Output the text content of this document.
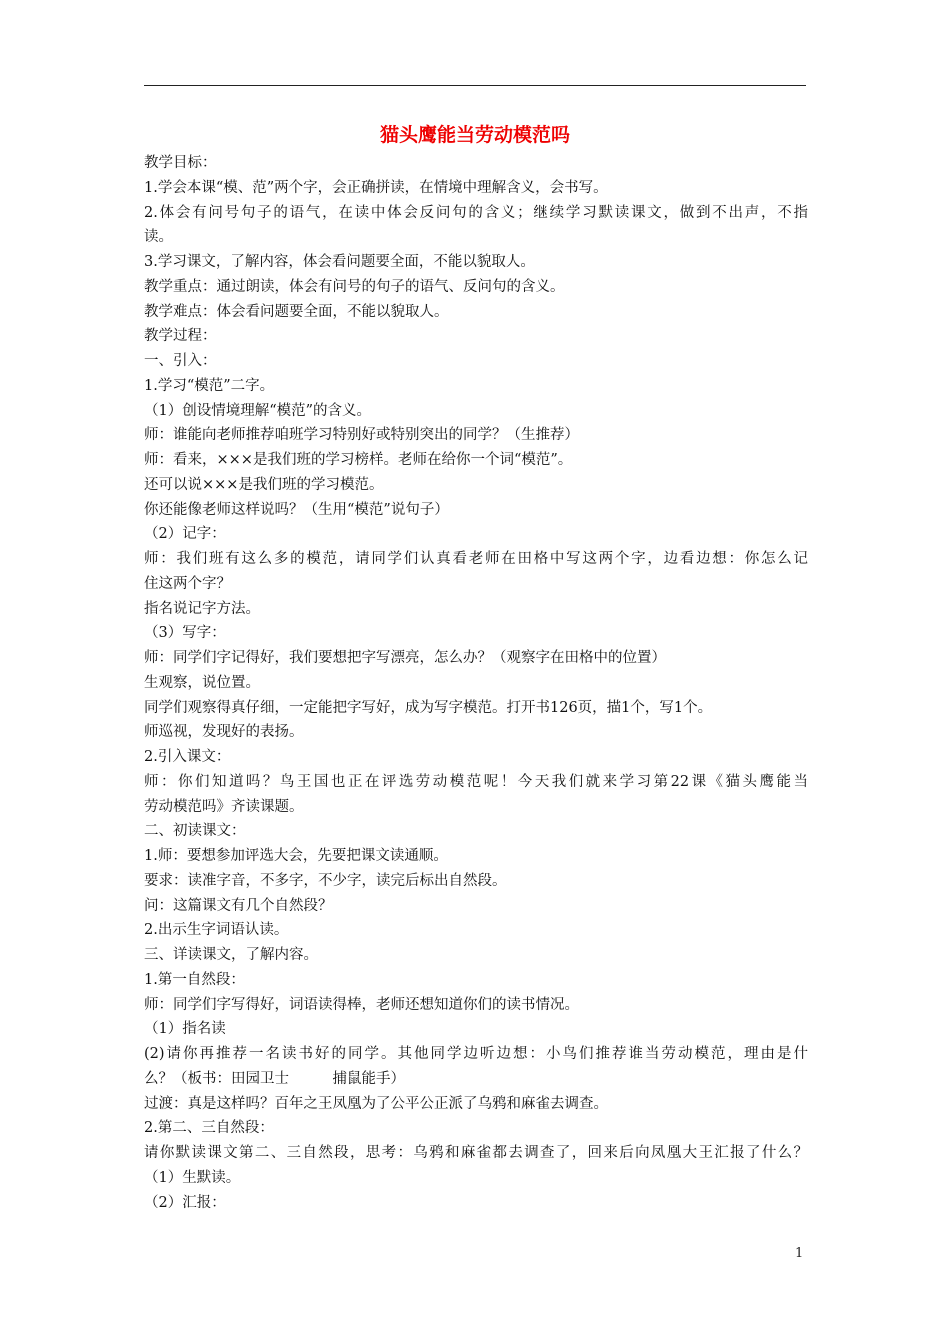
猫头鹰能当劳动模范吗
教学目标：
1.学会本课“模、范”两个字，会正确拼读，在情境中理解含义，会书写。
2.体会有问号句子的语气，在读中体会反问句的含义；继续学习默读课文，做到不出声，不指
读。
3.学习课文，了解内容，体会看问题要全面，不能以貌取人。
教学重点：通过朗读，体会有问号的句子的语气、反问句的含义。
教学难点：体会看问题要全面，不能以貌取人。
教学过程：
一、引入：
1.学习“模范”二字。
（1）创设情境理解“模范”的含义。
师：谁能向老师推荐咱班学习特别好或特别突出的同学？（生推荐）
师：看来，×××是我们班的学习榜样。老师在给你一个词“模范”。
还可以说×××是我们班的学习模范。
你还能像老师这样说吗？（生用“模范”说句子）
（2）记字：
师：我们班有这么多的模范，请同学们认真看老师在田格中写这两个字，边看边想：你怎么记
住这两个字？
指名说记字方法。
（3）写字：
师：同学们字记得好，我们要想把字写漂亮，怎么办？（观察字在田格中的位置）
生观察，说位置。
同学们观察得真仔细，一定能把字写好，成为写字模范。打开书126页，描1个，写1个。
师巡视，发现好的表扬。
2.引入课文：
师：你们知道吗？鸟王国也正在评选劳动模范呢！今天我们就来学习第22课《猫头鹰能当
劳动模范吗》齐读课题。
二、初读课文：
1.师：要想参加评选大会，先要把课文读通顺。
要求：读准字音，不多字，不少字，读完后标出自然段。
问：这篇课文有几个自然段？
2.出示生字词语认读。
三、详读课文，了解内容。
1.第一自然段：
师：同学们字写得好，词语读得棒，老师还想知道你们的读书情况。
（1）指名读
(2)请你再推荐一名读书好的同学。其他同学边听边想：小鸟们推荐谁当劳动模范，理由是什
么？（板书：田园卫士　　　捕鼠能手）
过渡：真是这样吗？百年之王凤凰为了公平公正派了乌鸦和麻雀去调查。
2.第二、三自然段：
请你默读课文第二、三自然段，思考：乌鸦和麻雀都去调查了，回来后向凤凰大王汇报了什么？
（1）生默读。
（2）汇报：
1
